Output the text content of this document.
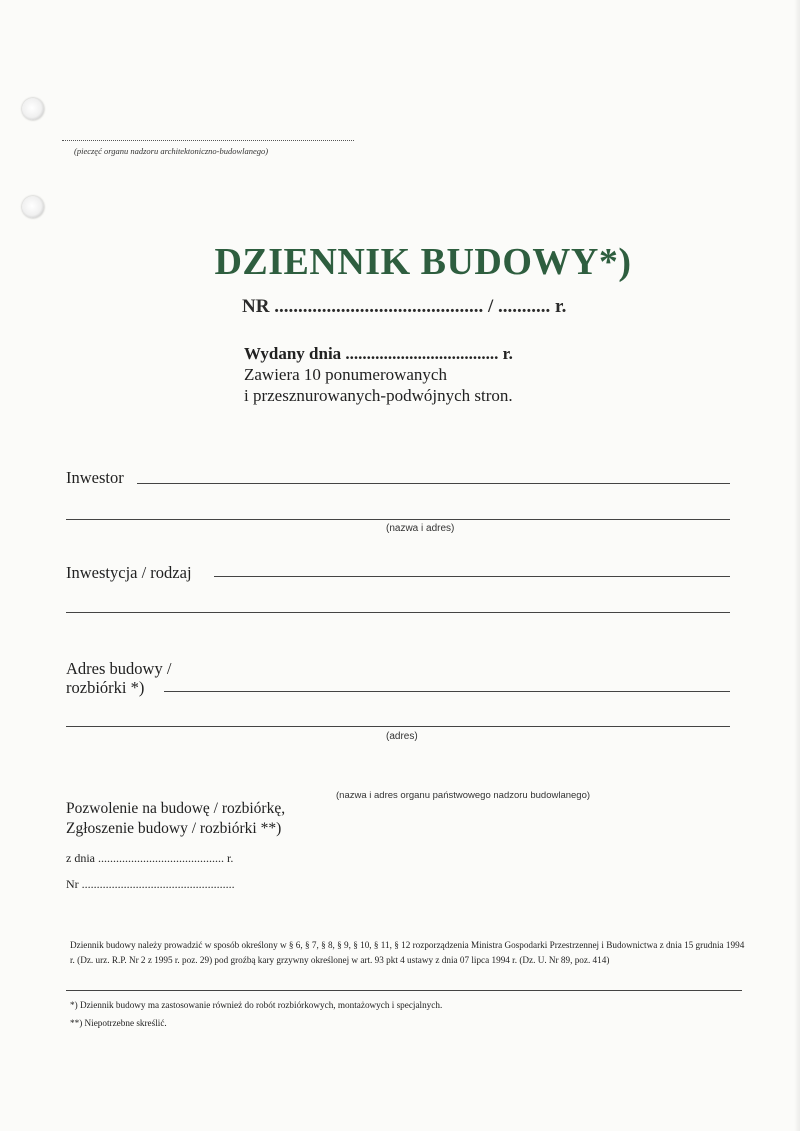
(pieczęć organu nadzoru architektoniczno-budowlanego)
DZIENNIK BUDOWY*)
NR ............................................ / ........... r.
Wydany dnia .................................... r.
Zawiera 10 ponumerowanych
i przesznurowanych-podwójnych stron.
Inwestor
(nazwa i adres)
Inwestycja / rodzaj
Adres budowy /
rozbiórki *)
(adres)
(nazwa i adres organu państwowego nadzoru budowlanego)
Pozwolenie na budowę / rozbiórkę,
Zgłoszenie budowy / rozbiórki **)
z dnia .......................................... r.
Nr ...................................................
Dziennik budowy należy prowadzić w sposób określony w § 6, § 7, § 8, § 9, § 10, § 11, § 12 rozporządzenia Ministra Gospodarki Przestrzennej i Budownictwa z dnia 15 grudnia 1994 r. (Dz. urz. R.P. Nr 2 z 1995 r. poz. 29) pod groźbą kary grzywny określonej w art. 93 pkt 4 ustawy z dnia 07 lipca 1994 r. (Dz. U. Nr 89, poz. 414)
*) Dziennik budowy ma zastosowanie również do robót rozbiórkowych, montażowych i specjalnych.
**) Niepotrzebne skreślić.
